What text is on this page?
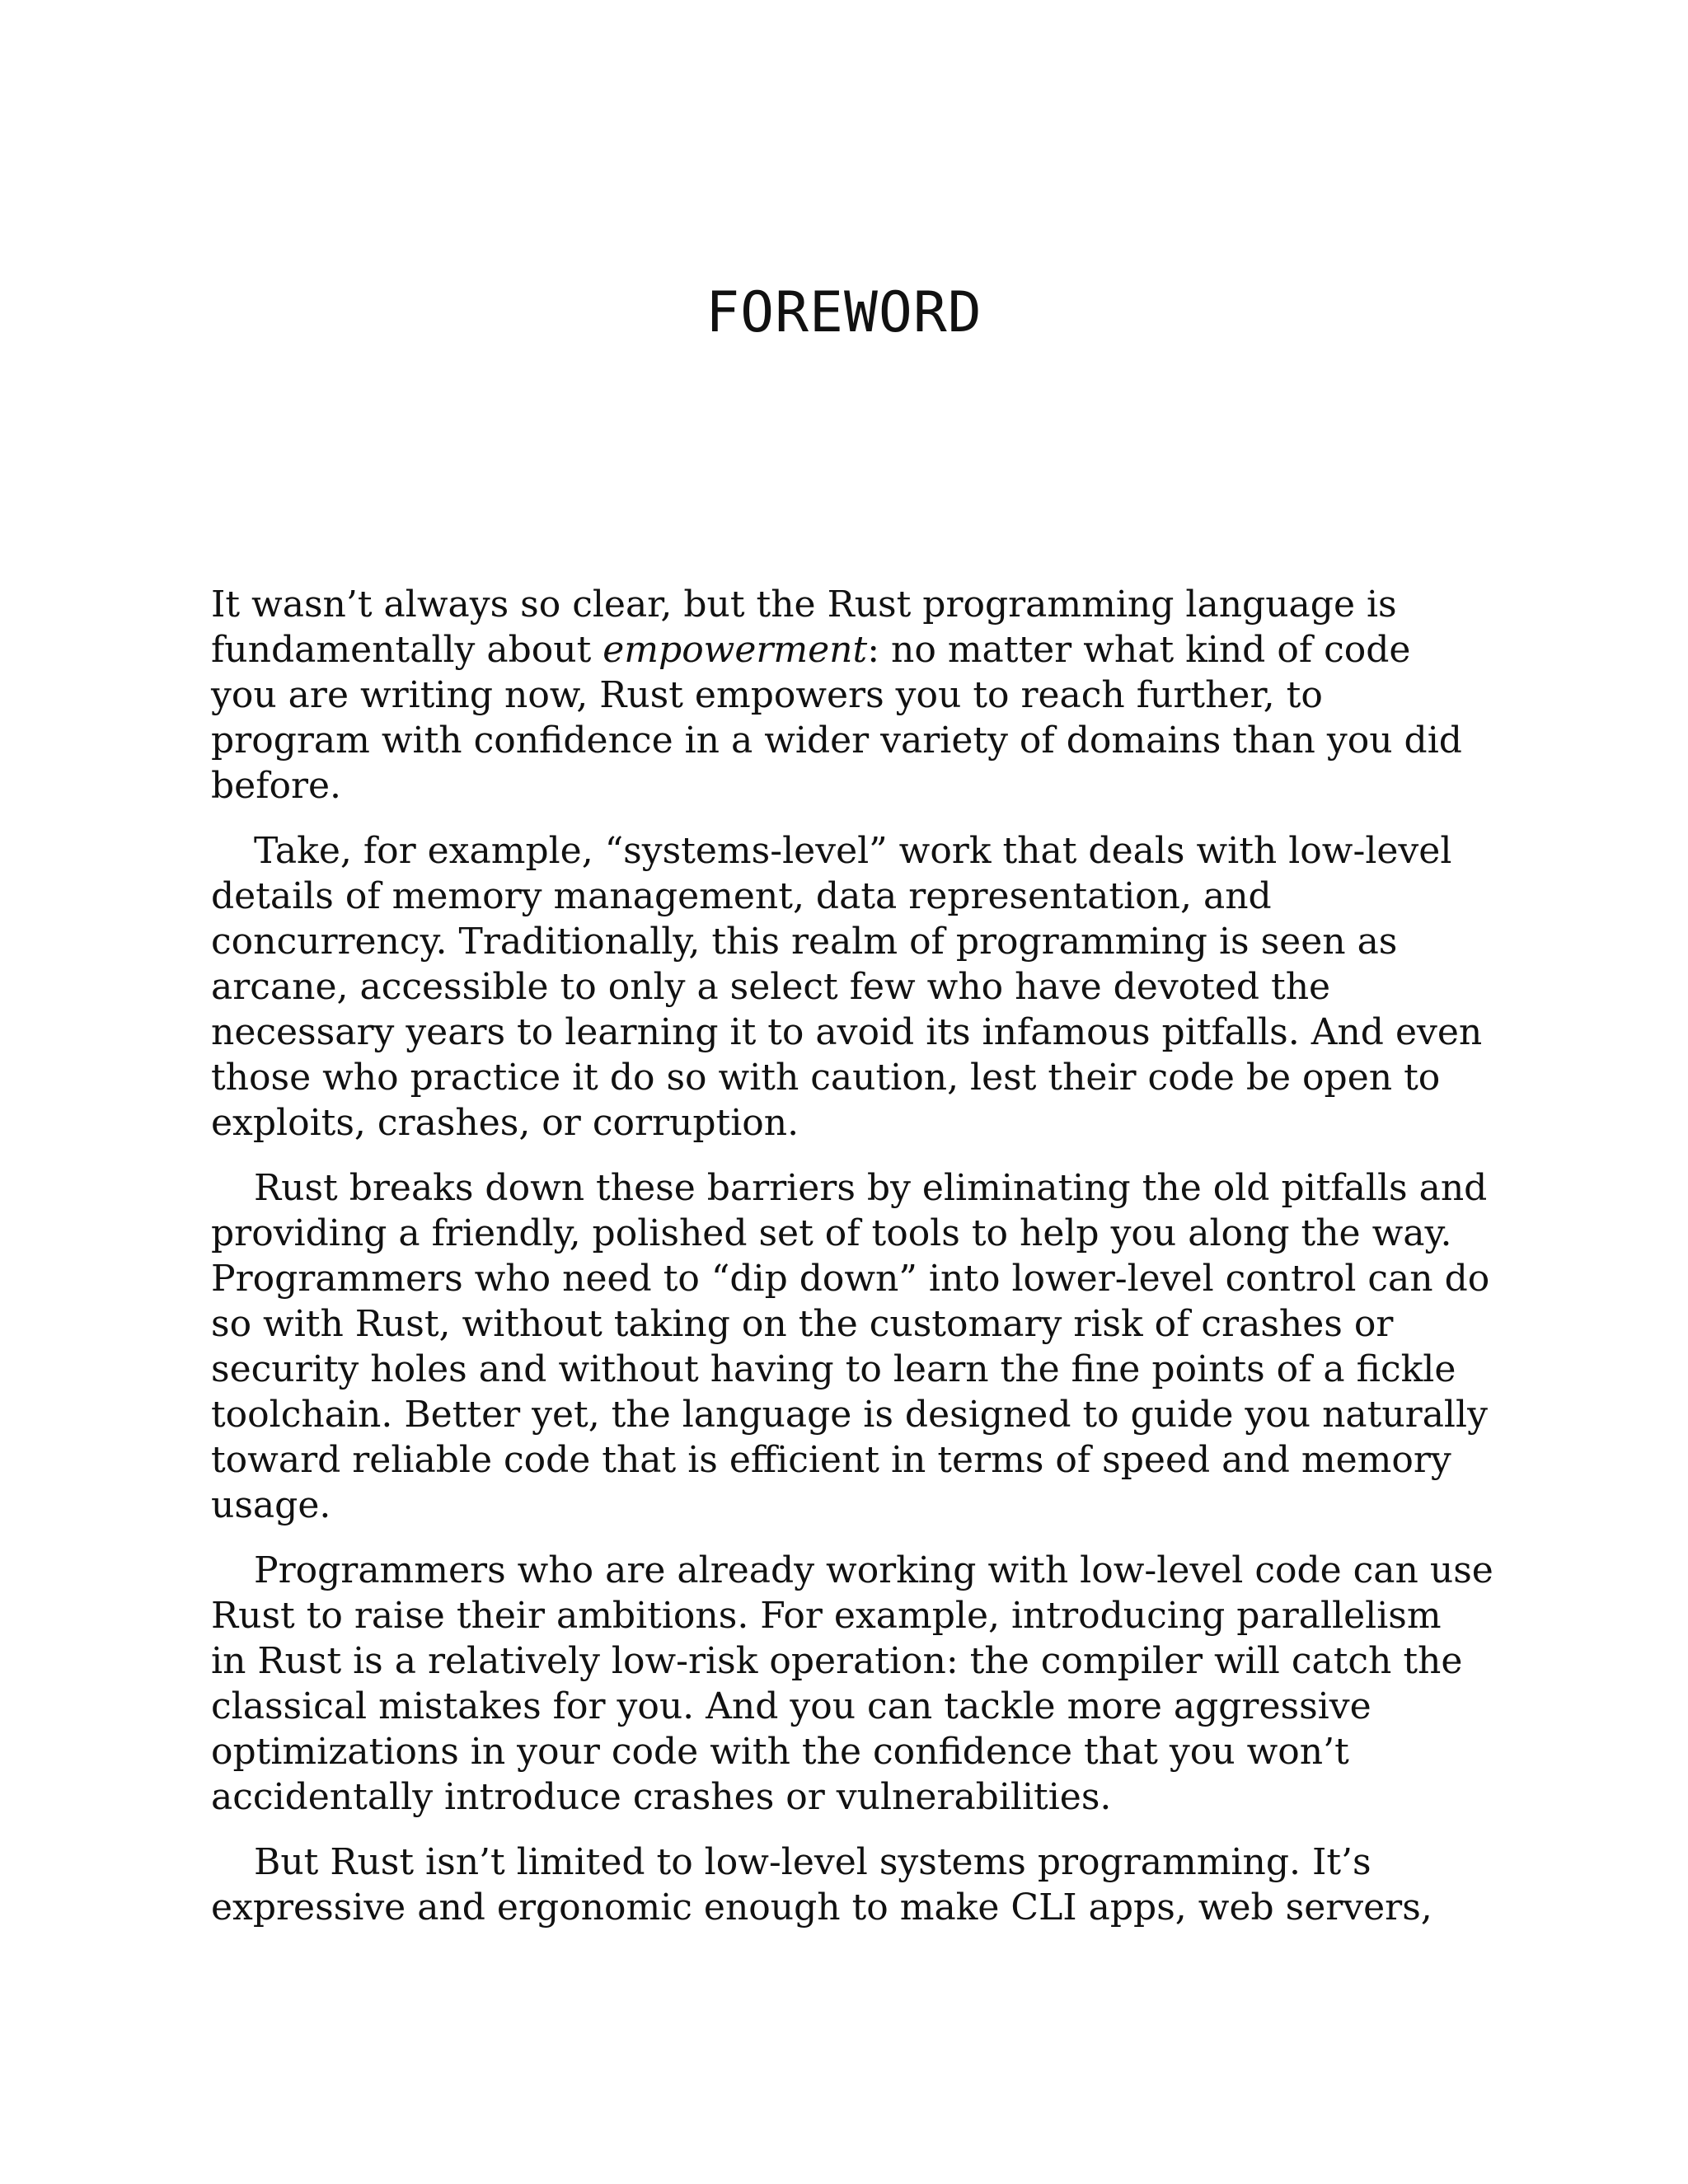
FOREWORD

It wasn’t always so clear, but the Rust programming language is
fundamentally about empowerment: no matter what kind of code
you are writing now, Rust empowers you to reach further, to
program with confidence in a wider variety of domains than you did
before.

Take, for example, “systems-level” work that deals with low-level
details of memory management, data representation, and
concurrency. Traditionally, this realm of programming is seen as
arcane, accessible to only a select few who have devoted the
necessary years to learning it to avoid its infamous pitfalls. And even
those who practice it do so with caution, lest their code be open to
exploits, crashes, or corruption.

Rust breaks down these barriers by eliminating the old pitfalls and
providing a friendly, polished set of tools to help you along the way.
Programmers who need to “dip down” into lower-level control can do
so with Rust, without taking on the customary risk of crashes or
security holes and without having to learn the fine points of a fickle
toolchain. Better yet, the language is designed to guide you naturally
toward reliable code that is efficient in terms of speed and memory
usage.

Programmers who are already working with low-level code can use
Rust to raise their ambitions. For example, introducing parallelism
in Rust is a relatively low-risk operation: the compiler will catch the
classical mistakes for you. And you can tackle more aggressive
optimizations in your code with the confidence that you won’t
accidentally introduce crashes or vulnerabilities.

But Rust isn’t limited to low-level systems programming. It’s
expressive and ergonomic enough to make CLI apps, web servers,
